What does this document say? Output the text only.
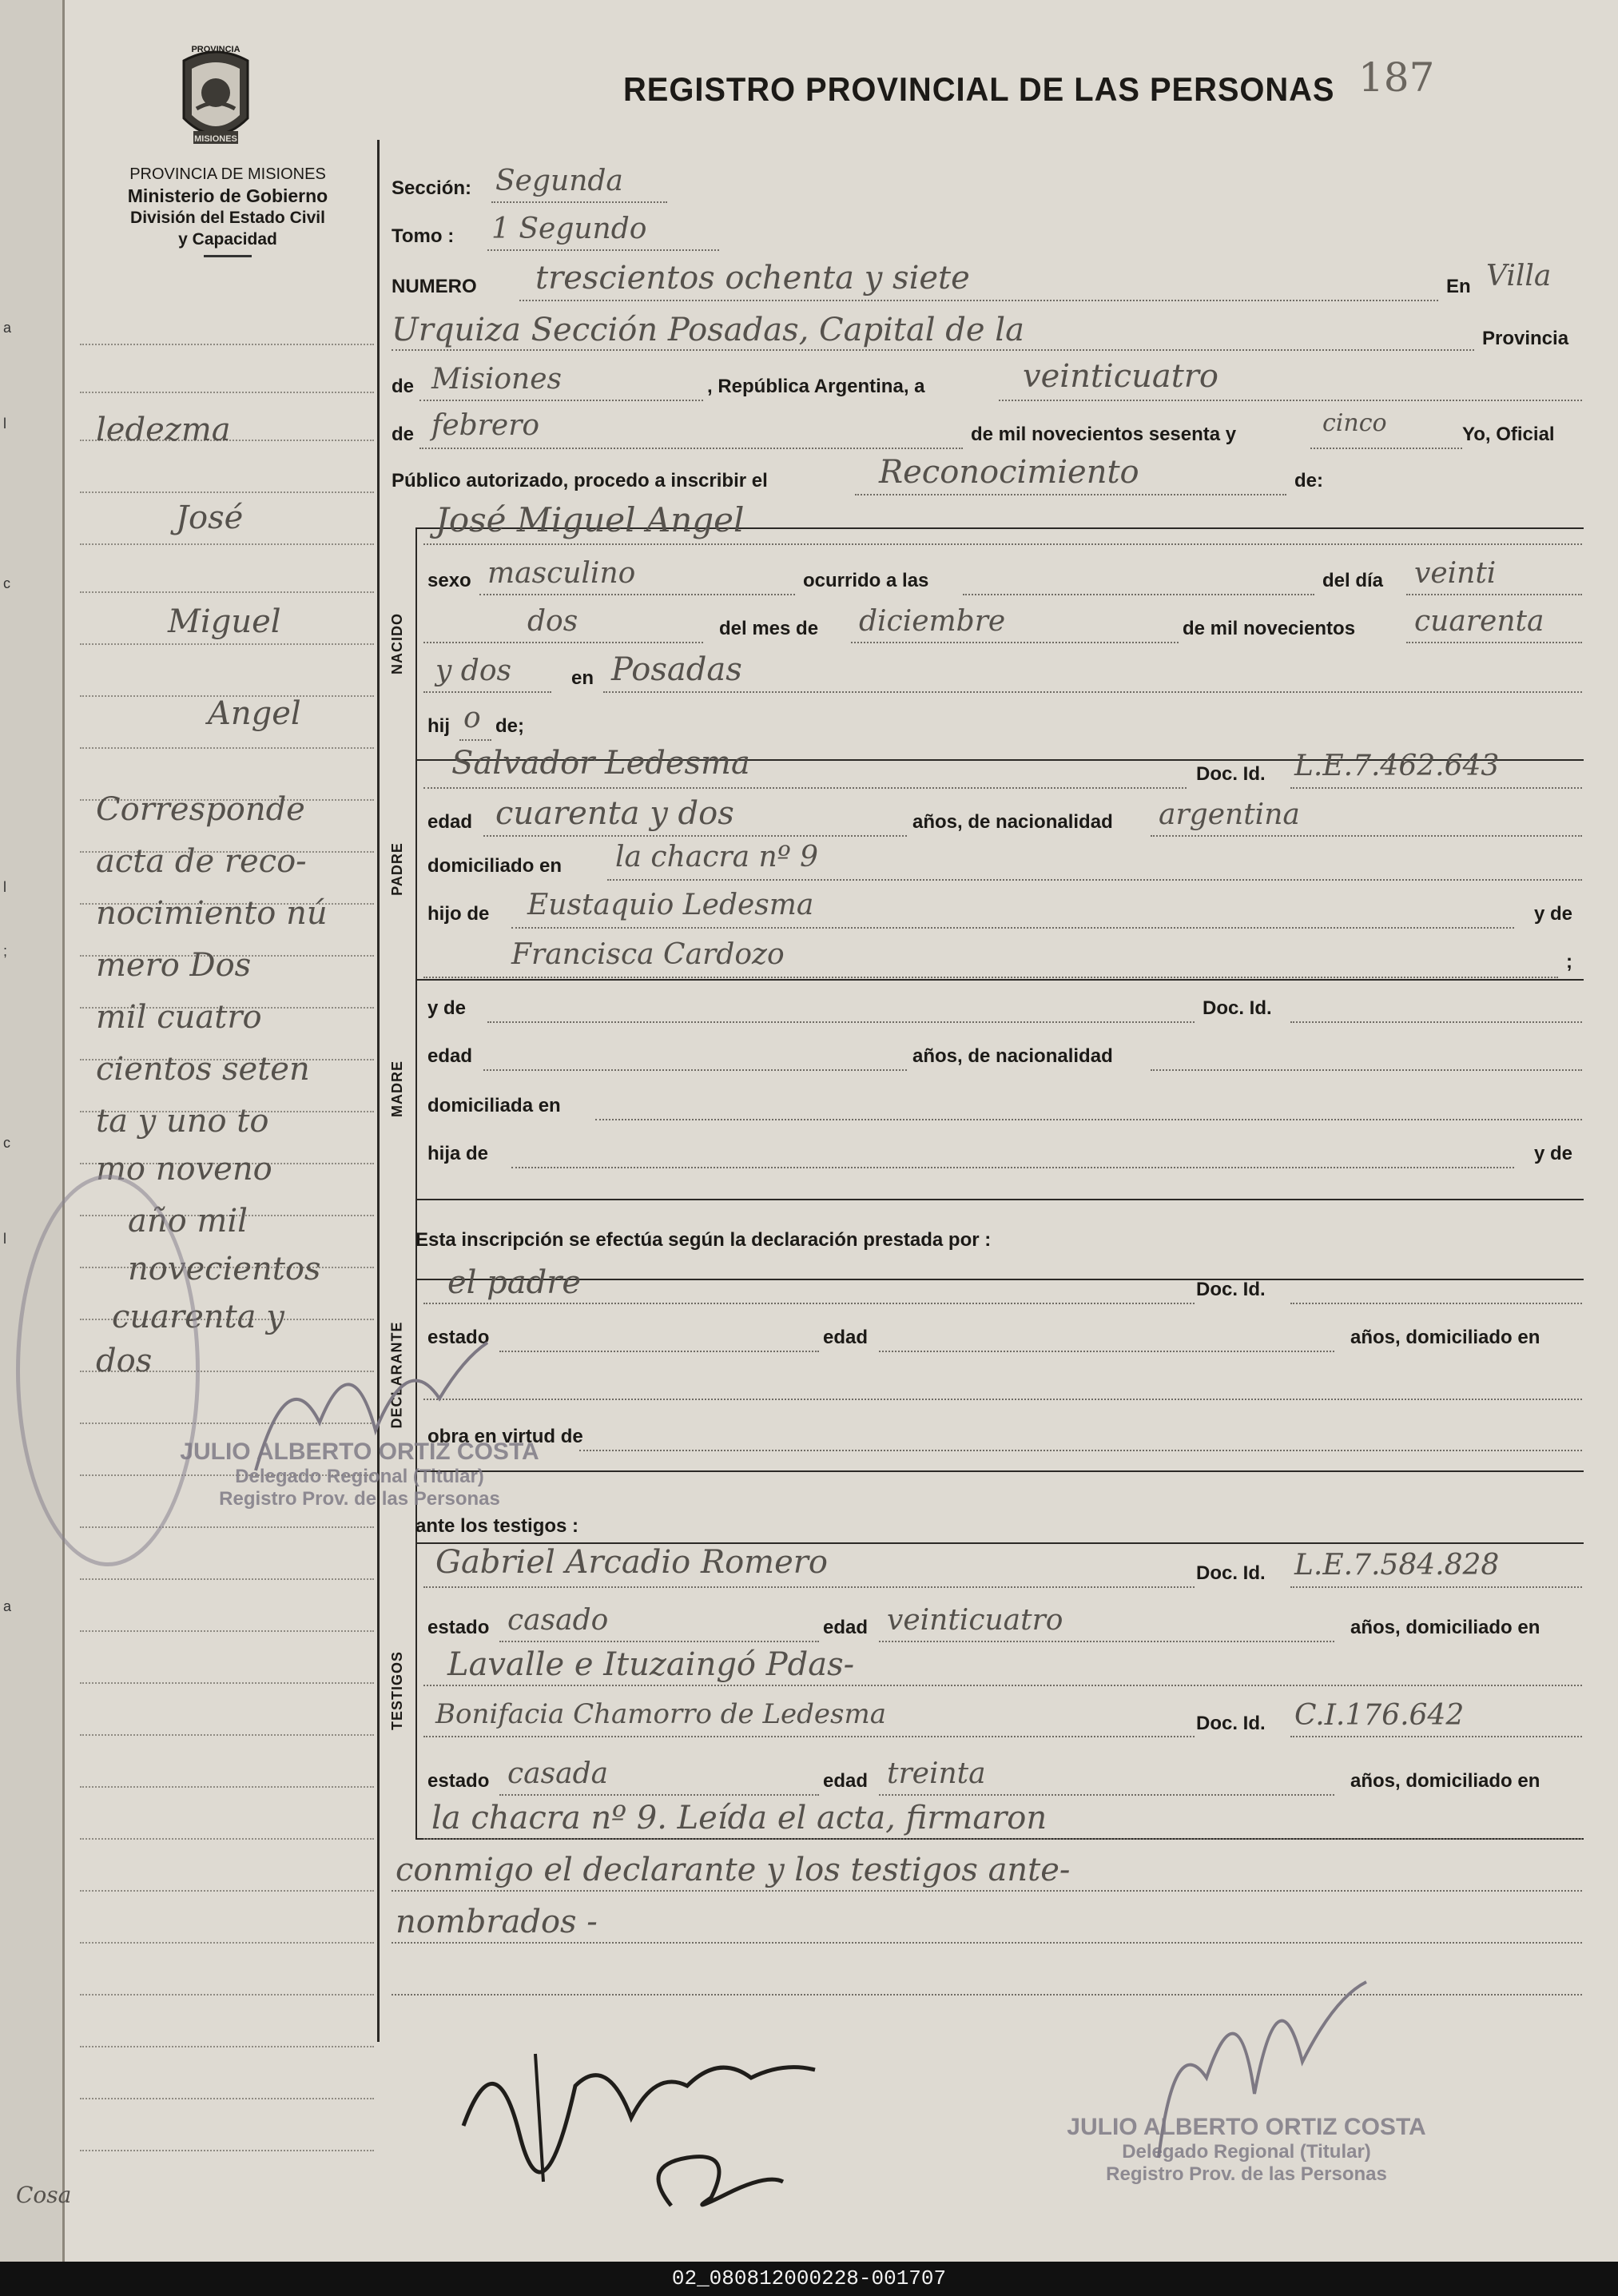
a
l
c
l
;
c
l
a
PROVINCIA
MISIONES
REGISTRO PROVINCIAL DE LAS PERSONAS 187
PROVINCIA DE MISIONES
Ministerio de Gobierno
División del Estado Civil
y Capacidad
ledezma
José
Miguel
Angel
Corresponde
acta de reco-
nocimiento nú
mero Dos
mil cuatro
cientos seten
ta y uno to
mo noveno
año mil
novecientos
cuarenta y
dos
Cosa
NACIDO
PADRE
MADRE
DECLARANTE
TESTIGOS
Sección: Segunda
Tomo : 1 Segundo
NUMERO trescientos ochenta y siete	En Villa
Urquiza Sección Posadas, Capital de la	Provincia
de Misiones	, República Argentina, a	veinticuatro
de febrero	de mil novecientos sesenta y	cinco	Yo, Oficial
Público autorizado, procedo a inscribir el	Reconocimiento	de:
José Miguel Angel
sexo masculino	ocurrido a las	del día veinti
dos	del mes de diciembre	de mil novecientos cuarenta
y dos	en Posadas
hij o de;
Salvador Ledesma	Doc. Id. L.E.7.462.643
edad cuarenta y dos	años, de nacionalidad argentina
domiciliado en la chacra nº 9
hijo de Eustaquio Ledesma	y de
Francisca Cardozo	;
y de	Doc. Id.
edad	años, de nacionalidad
domiciliada en
hija de	y de
Esta inscripción se efectúa según la declaración prestada por :
el padre	Doc. Id.
estado	edad	años, domiciliado en
obra en virtud de
ante los testigos :
Gabriel Arcadio Romero	Doc. Id. L.E.7.584.828
estado casado	edad veinticuatro	años, domiciliado en
Lavalle e Ituzaingó Pdas-
Bonifacia Chamorro de Ledesma	Doc. Id. C.I.176.642
estado casada	edad treinta	años, domiciliado en
la chacra nº 9. Leída el acta, firmaron
conmigo el declarante y los testigos ante-
nombrados -
JULIO ALBERTO ORTIZ COSTA
Delegado Regional (Titular)
Registro Prov. de las Personas
JULIO ALBERTO ORTIZ COSTA
Delegado Regional (Titular)
Registro Prov. de las Personas
02_080812000228-001707
